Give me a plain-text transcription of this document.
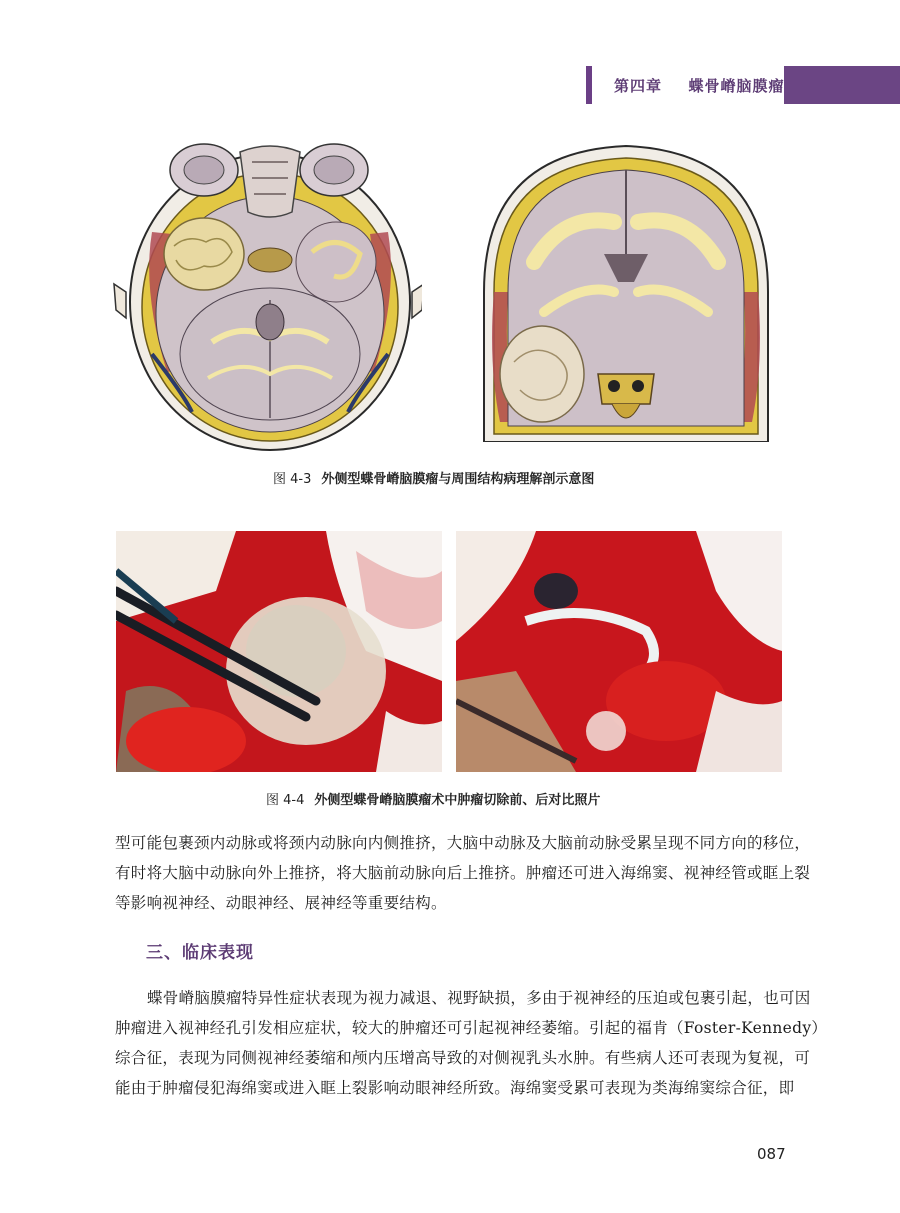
第四章 蝶骨嵴脑膜瘤
图 4-3 外侧型蝶骨嵴脑膜瘤与周围结构病理解剖示意图
图 4-4 外侧型蝶骨嵴脑膜瘤术中肿瘤切除前、后对比照片
型可能包裹颈内动脉或将颈内动脉向内侧推挤，大脑中动脉及大脑前动脉受累呈现不同方向的移位，
有时将大脑中动脉向外上推挤，将大脑前动脉向后上推挤。肿瘤还可进入海绵窦、视神经管或眶上裂
等影响视神经、动眼神经、展神经等重要结构。
三、临床表现
蝶骨嵴脑膜瘤特异性症状表现为视力减退、视野缺损，多由于视神经的压迫或包裹引起，也可因
肿瘤进入视神经孔引发相应症状，较大的肿瘤还可引起视神经萎缩。引起的福肯（Foster-Kennedy）
综合征，表现为同侧视神经萎缩和颅内压增高导致的对侧视乳头水肿。有些病人还可表现为复视，可
能由于肿瘤侵犯海绵窦或进入眶上裂影响动眼神经所致。海绵窦受累可表现为类海绵窦综合征，即
087
